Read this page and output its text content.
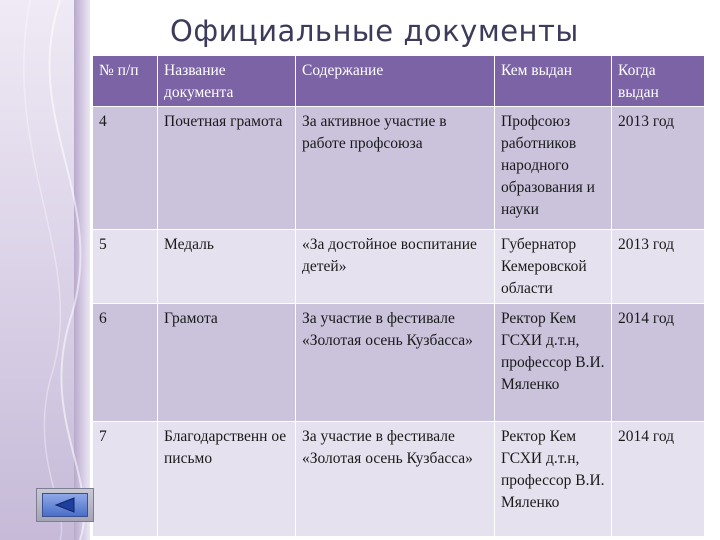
Официальные документы
№ п/п	Название документа	Содержание	Кем выдан	Когда выдан
4	Почетная грамота	За активное участие в работе профсоюза	Профсоюз работников народного образования и науки	2013 год
5	Медаль	«За достойное воспитание детей»	Губернатор Кемеровской области	2013 год
6	Грамота	За участие в фестивале «Золотая осень Кузбасса»	Ректор Кем ГСХИ д.т.н, профессор В.И. Мяленко	2014 год
7	Благодарственн ое письмо	За участие в фестивале «Золотая осень Кузбасса»	Ректор Кем ГСХИ д.т.н, профессор В.И. Мяленко	2014 год
